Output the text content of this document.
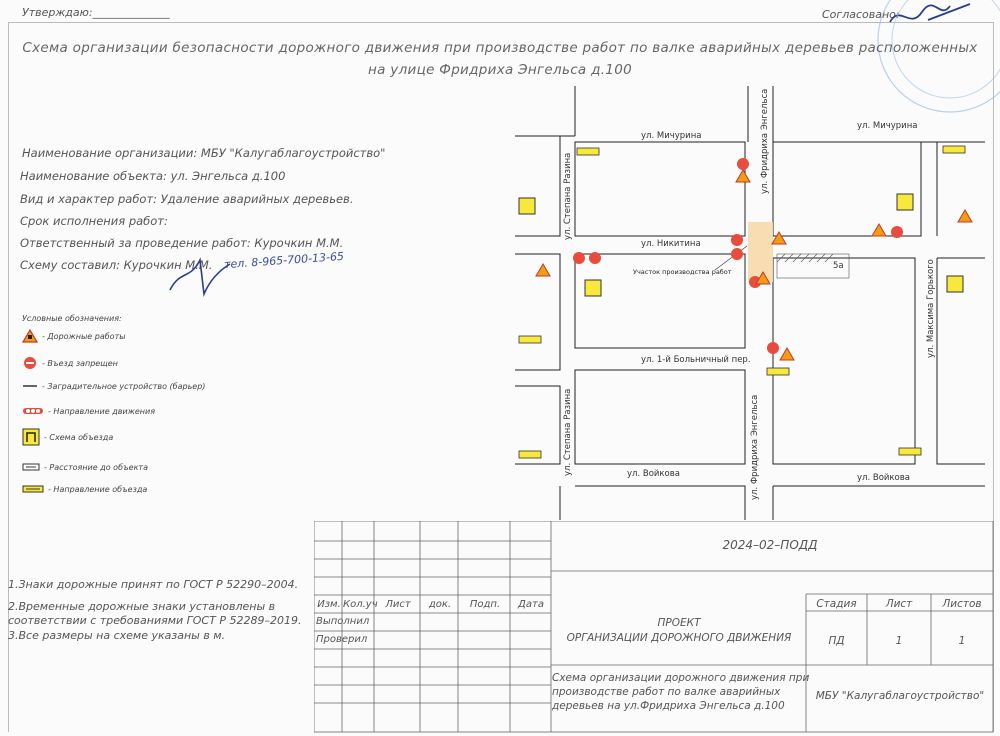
Утверждаю:______________	Согласовано:
Схема организации безопасности дорожного движения при производстве работ по валке аварийных деревьев расположенных
на улице Фридриха Энгельса д.100
Наименование организации: МБУ "Калугаблагоустройство"
Наименование объекта: ул. Энгельса д.100
Вид и характер работ: Удаление аварийных деревьев.
Срок исполнения работ:
Ответственный за проведение работ: Курочкин М.М.
Схему составил: Курочкин М.М. тел. 8-965-700-13-65
Условные обозначения:
- Дорожные работы
- Въезд запрещен
- Заградительное устройство (барьер)
- Направление движения
- Схема объезда
- Расстояние до объекта
- Направление объезда
5а
Участок производства работ
ул. Мичурина
ул. Мичурина
ул. Никитина
ул. 1-й Больничный пер.
ул. Войкова	ул. Войкова
ул. Степана Разина
ул. Степана Разина
ул. Фридриха Энгельса
ул. Фридриха Энгельса
ул. Максима Горького
1.Знаки дорожные принят по ГОСТ Р 52290–2004.
2.Временные дорожные знаки установлены в
соответствии с требованиями ГОСТ Р 52289–2019.
3.Все размеры на схеме указаны в м.
2024–02–ПОДД
Изм. Кол.уч Лист	док.	Подп.	Дата
Выполнил
Проверил
ПРОЕКТ
ОРГАНИЗАЦИИ ДОРОЖНОГО ДВИЖЕНИЯ
Стадия	Лист	Листов
ПД	1	1
Схема организации дорожного движения при
производстве работ по валке аварийных
деревьев на ул.Фридриха Энгельса д.100
МБУ "Калугаблагоустройство"
